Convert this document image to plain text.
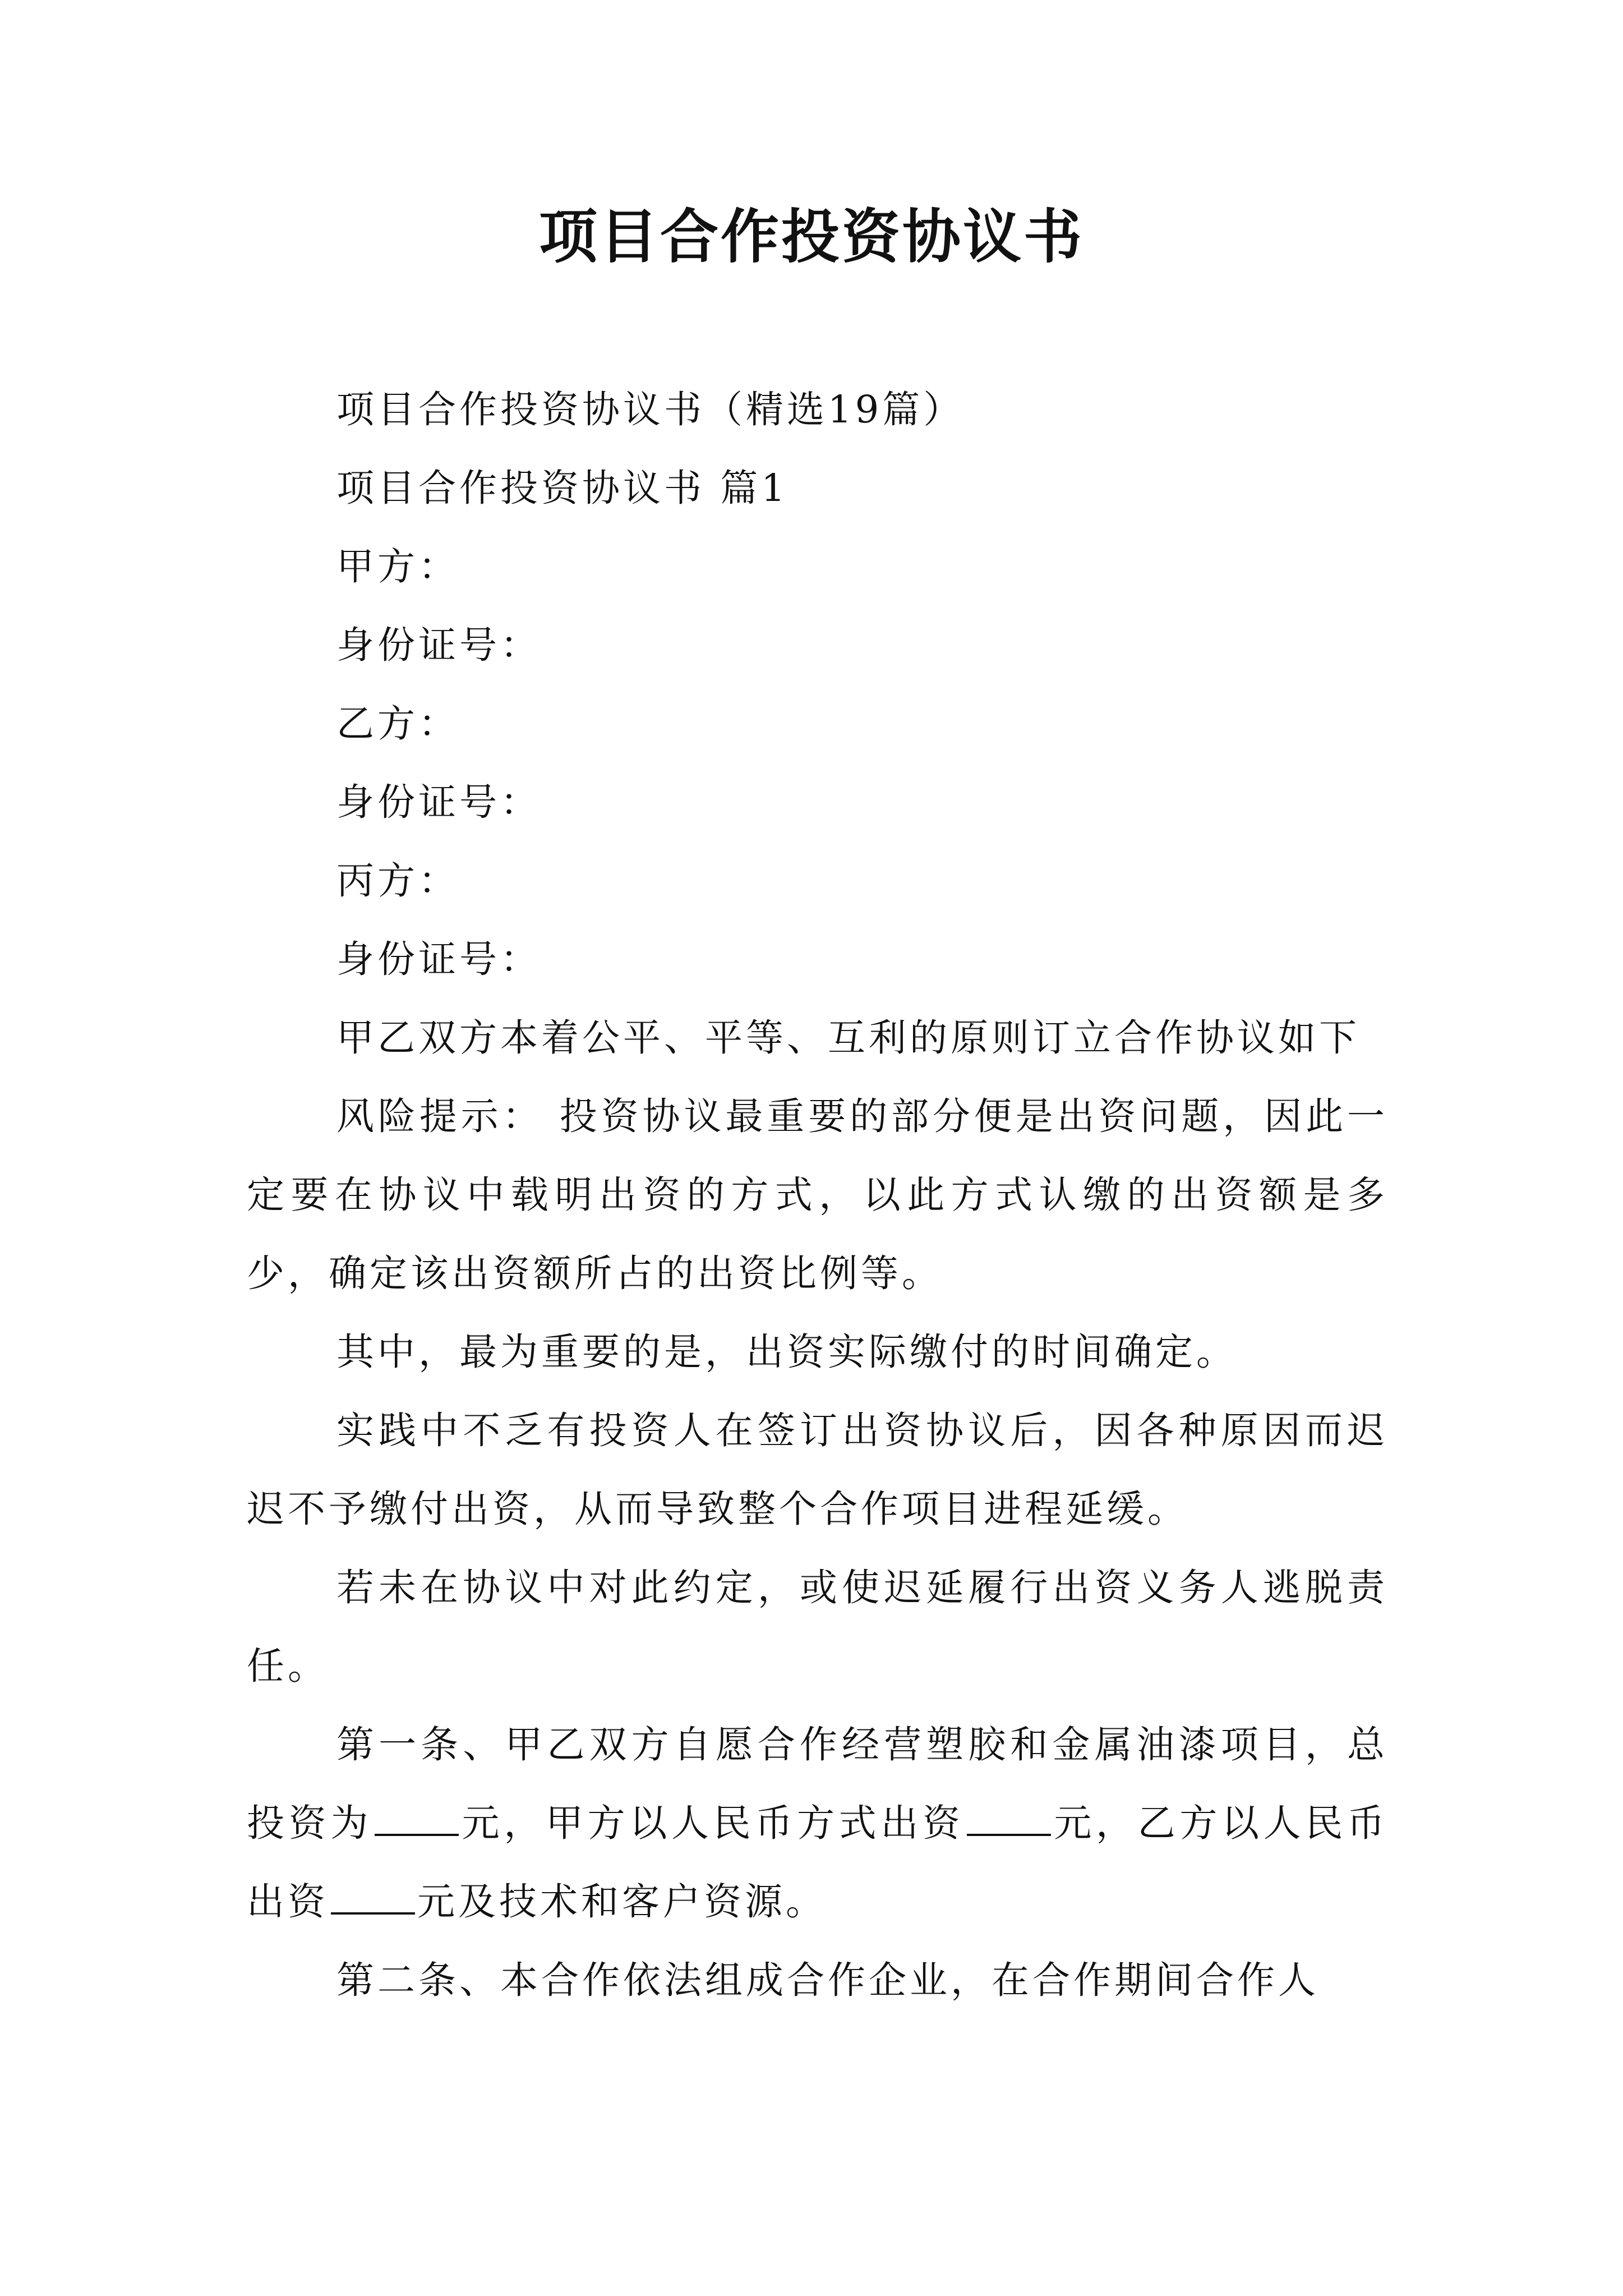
项目合作投资协议书

项目合作投资协议书（精选19篇）

项目合作投资协议书 篇1

甲方：

身份证号：

乙方：

身份证号：

丙方：

身份证号：

甲乙双方本着公平、平等、互利的原则订立合作协议如下

风险提示： 投资协议最重要的部分便是出资问题，因此一定要在协议中载明出资的方式，以此方式认缴的出资额是多少，确定该出资额所占的出资比例等。

其中，最为重要的是，出资实际缴付的时间确定。

实践中不乏有投资人在签订出资协议后，因各种原因而迟迟不予缴付出资，从而导致整个合作项目进程延缓。

若未在协议中对此约定，或使迟延履行出资义务人逃脱责任。

第一条、甲乙双方自愿合作经营塑胶和金属油漆项目，总投资为 元，甲方以人民币方式出资 元，乙方以人民币出资 元及技术和客户资源。

第二条、本合作依法组成合作企业，在合作期间合作人
